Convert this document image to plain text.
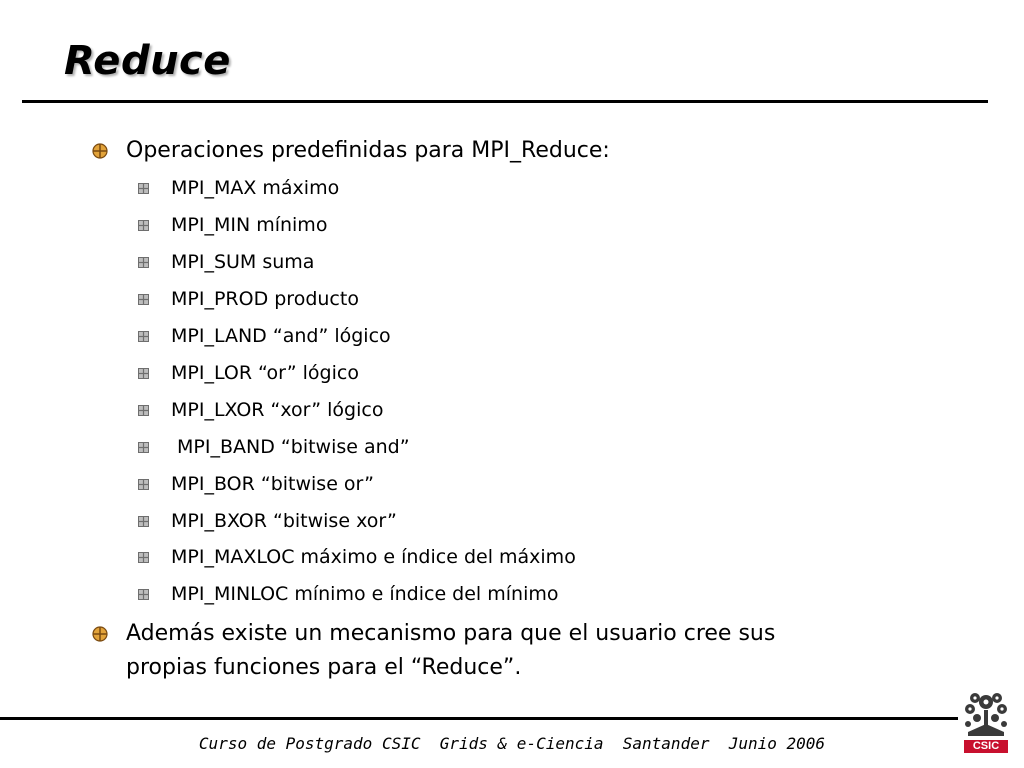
Reduce
Operaciones predefinidas para MPI_Reduce:
MPI_MAX máximo
MPI_MIN mínimo
MPI_SUM suma
MPI_PROD producto
MPI_LAND “and” lógico
MPI_LOR “or” lógico
MPI_LXOR “xor” lógico
MPI_BAND “bitwise and”
MPI_BOR “bitwise or”
MPI_BXOR “bitwise xor”
MPI_MAXLOC máximo e índice del máximo
MPI_MINLOC mínimo e índice del mínimo
Además existe un mecanismo para que el usuario cree sus
propias funciones para el “Reduce”.
Curso de Postgrado CSIC  Grids & e-Ciencia  Santander  Junio 2006	CSIC
